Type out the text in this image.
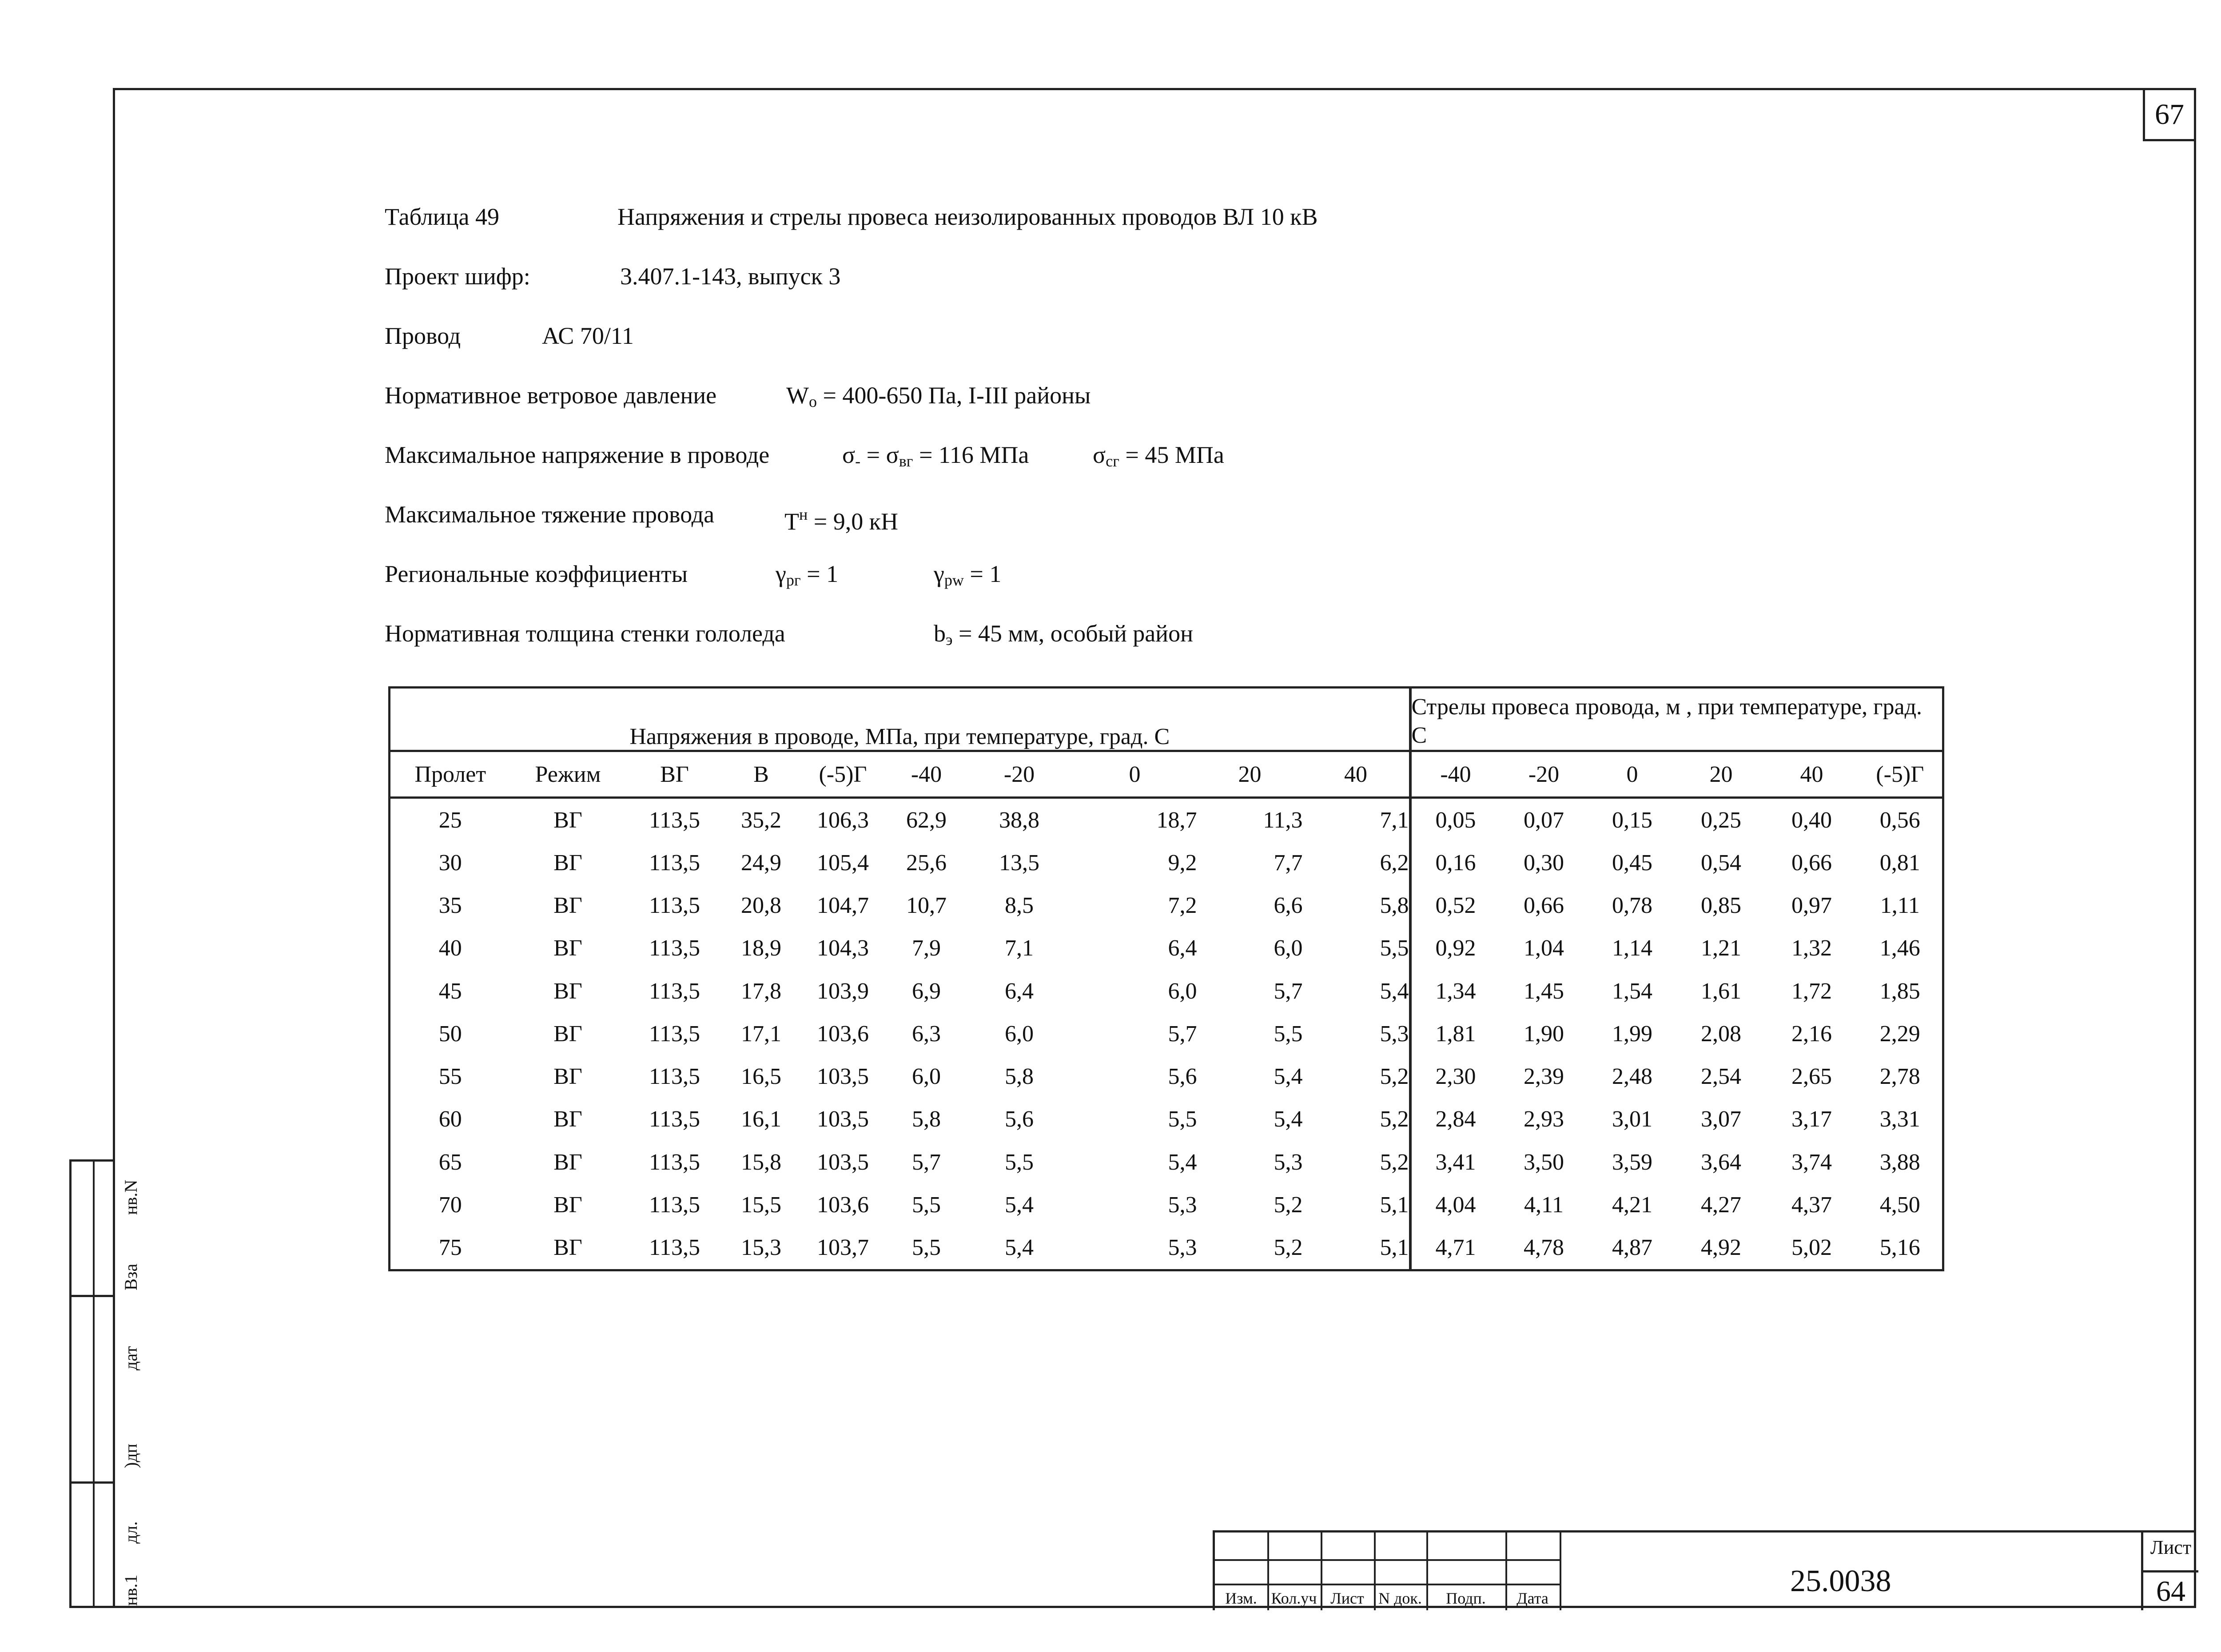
67
Таблица 49	Напряжения и стрелы провеса неизолированных проводов ВЛ 10 кВ
Проект шифр:	3.407.1-143, выпуск 3
Провод	АС 70/11
Нормативное ветровое давление	$W_o = 400-650$ Па, I-III районы
Максимальное напряжение в проводе	$\sigma_- = \sigma_{вг} = 116$ МПа	$\sigma_{сг} = 45$ МПа
Максимальное тяжение провода	$T^н = 9,0$ кН
Региональные коэффициенты	$\gamma_{pг} = 1$	$\gamma_{pw} = 1$
Нормативная толщина стенки гололеда	$b_э = 45$ мм, особый район
Напряжения в проводе, МПа, при температуре, град. С										Стрелы провеса провода, м , при температуре, град. С					
Пролет	Режим	ВГ	В	(-5)Г	-40	-20	0	20	40	-40	-20	0	20	40	(-5)Г
25	ВГ	113,5	35,2	106,3	62,9	38,8	18,7	11,3	7,1	0,05	0,07	0,15	0,25	0,40	0,56
30	ВГ	113,5	24,9	105,4	25,6	13,5	9,2	7,7	6,2	0,16	0,30	0,45	0,54	0,66	0,81
35	ВГ	113,5	20,8	104,7	10,7	8,5	7,2	6,6	5,8	0,52	0,66	0,78	0,85	0,97	1,11
40	ВГ	113,5	18,9	104,3	7,9	7,1	6,4	6,0	5,5	0,92	1,04	1,14	1,21	1,32	1,46
45	ВГ	113,5	17,8	103,9	6,9	6,4	6,0	5,7	5,4	1,34	1,45	1,54	1,61	1,72	1,85
50	ВГ	113,5	17,1	103,6	6,3	6,0	5,7	5,5	5,3	1,81	1,90	1,99	2,08	2,16	2,29
55	ВГ	113,5	16,5	103,5	6,0	5,8	5,6	5,4	5,2	2,30	2,39	2,48	2,54	2,65	2,78
60	ВГ	113,5	16,1	103,5	5,8	5,6	5,5	5,4	5,2	2,84	2,93	3,01	3,07	3,17	3,31
65	ВГ	113,5	15,8	103,5	5,7	5,5	5,4	5,3	5,2	3,41	3,50	3,59	3,64	3,74	3,88
70	ВГ	113,5	15,5	103,6	5,5	5,4	5,3	5,2	5,1	4,04	4,11	4,21	4,27	4,37	4,50
75	ВГ	113,5	15,3	103,7	5,5	5,4	5,3	5,2	5,1	4,71	4,78	4,87	4,92	5,02	5,16
Вза
нв.N
дат
)дп
дл.
нв.1	Изм. Кол.уч Лист N док.	Подп.	Дата	25.0038
Лист
64
